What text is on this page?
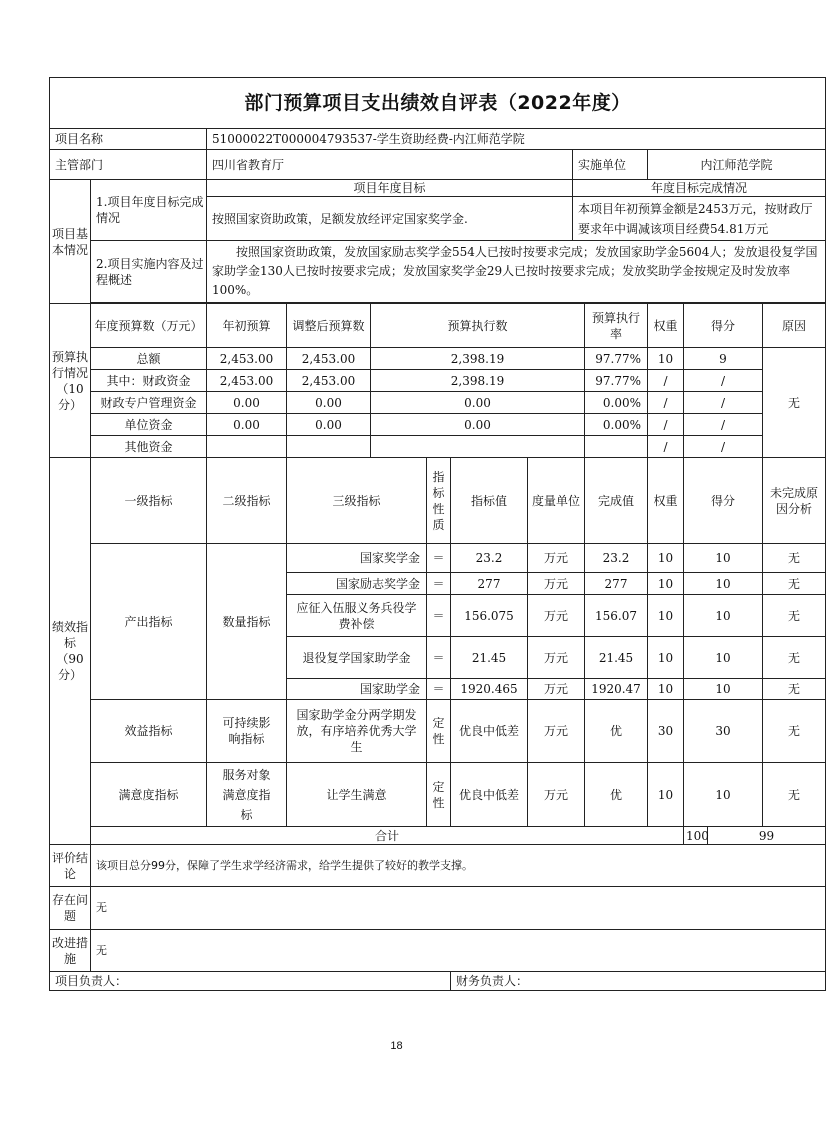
部门预算项目支出绩效自评表（2022年度）														
项目名称		51000022T000004793537-学生资助经费-内江师范学院												
主管部门		四川省教育厅						实施单位		内江师范学院				
项目基本情况	1.项目年度目标完成情况	项目年度目标						年度目标完成情况						
		按照国家资助政策，足额发放经评定国家奖学金.						本项目年初预算金额是2453万元，按财政厅要求年中调减该项目经费54.81万元						
	2.项目实施内容及过程概述	按照国家资助政策，发放国家励志奖学金554人已按时按要求完成；发放国家助学金5604人；发放退役复学国家助学金130人已按时按要求完成；发放国家奖学金29人已按时按要求完成；发放奖助学金按规定及时发放率100%。												

预算执行情况（10分）	年度预算数（万元）	年初预算	调整后预算数	预算执行数					预算执行率	权重	得分		原因	
	总额	2,453.00	2,453.00	2,398.19					97.77%	10	9		无	
	其中：财政资金	2,453.00	2,453.00	2,398.19					97.77%	/	/			
	财政专户管理资金	0.00	0.00	0.00					0.00%	/	/			
	单位资金	0.00	0.00	0.00					0.00%	/	/			
	其他资金									/	/			
绩效指标（90分）	一级指标	二级指标	三级指标		指标性质	指标值	度量单位		完成值	权重	得分		未完成原因分析	
	产出指标	数量指标	国家奖学金		＝	23.2	万元		23.2	10	10		无	
			国家励志奖学金		＝	277	万元		277	10	10		无	
			应征入伍服义务兵役学费补偿		＝	156.075	万元		156.07	10	10		无	
			退役复学国家助学金		＝	21.45	万元		21.45	10	10		无	
			国家助学金		＝	1920.465	万元		1920.47	10	10		无	
	效益指标	可持续影响指标	国家助学金分两学期发放，有序培养优秀大学生		定性	优良中低差	万元		优	30	30		无	
	满意度指标	服务对象满意度指标	让学生满意		定性	优良中低差	万元		优	10	10		无	
	合计										100	99		
评价结论	该项目总分99分，保障了学生求学经济需求，给学生提供了较好的教学支撑。													
存在问题	无													
改进措施	无													
项目负责人：						财务负责人：								
18
